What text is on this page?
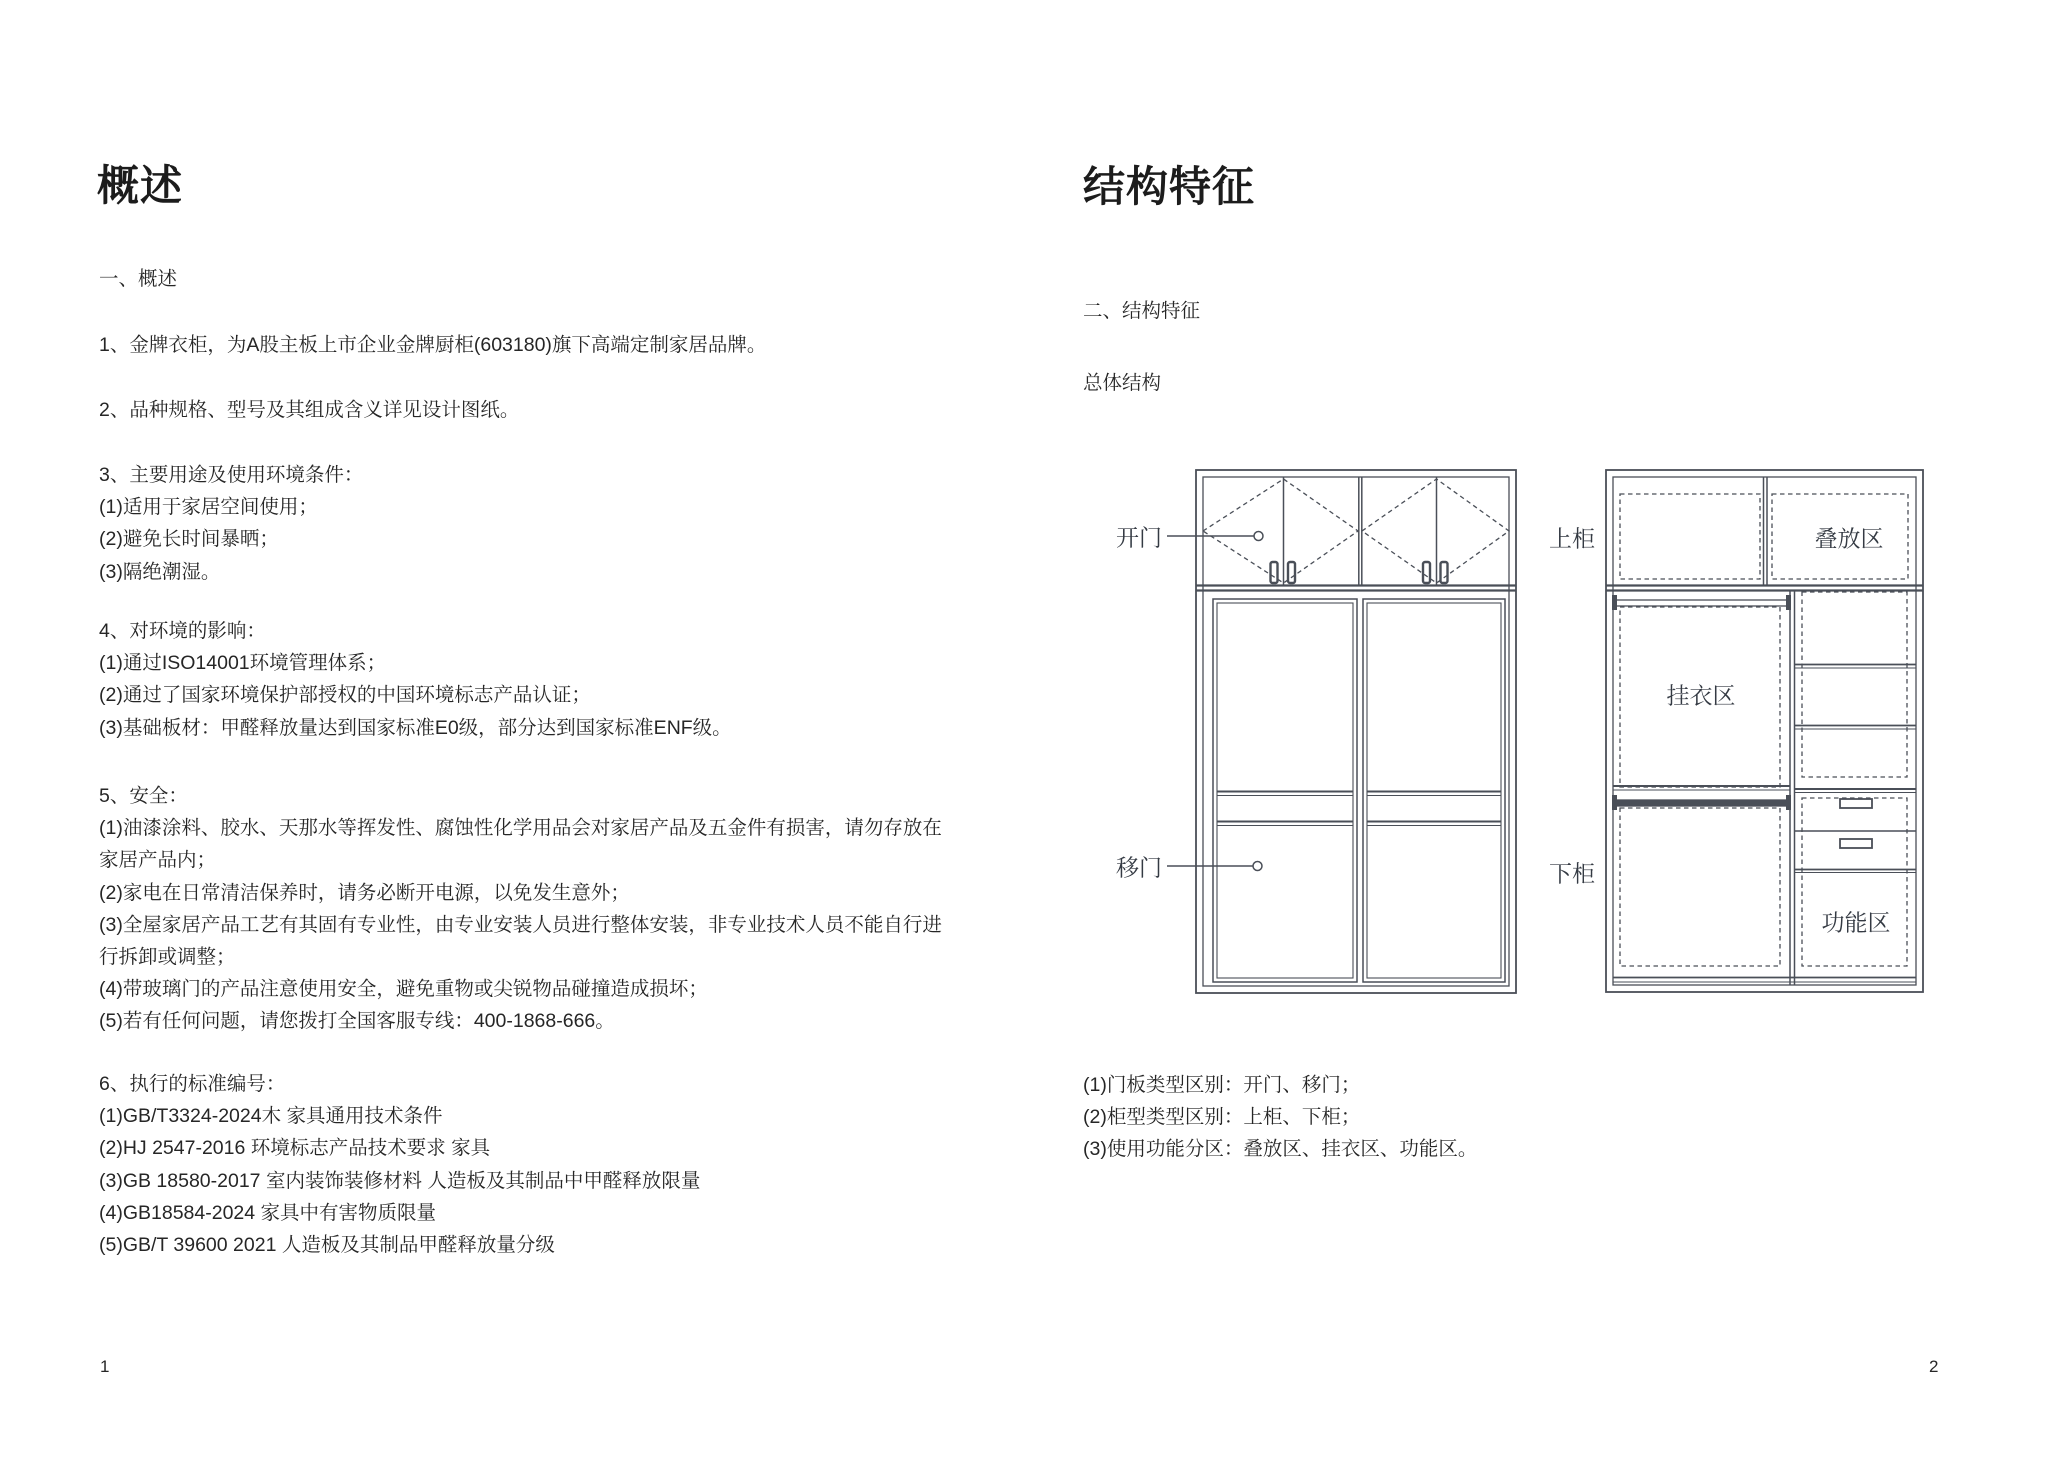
概述
一、概述
1、金牌衣柜，为A股主板上市企业金牌厨柜(603180)旗下高端定制家居品牌。
2、品种规格、型号及其组成含义详见设计图纸。
3、主要用途及使用环境条件：
(1)适用于家居空间使用；
(2)避免长时间暴晒；
(3)隔绝潮湿。
4、对环境的影响：
(1)通过ISO14001环境管理体系；
(2)通过了国家环境保护部授权的中国环境标志产品认证；
(3)基础板材：甲醛释放量达到国家标准E0级，部分达到国家标准ENF级。
5、安全：
(1)油漆涂料、胶水、天那水等挥发性、腐蚀性化学用品会对家居产品及五金件有损害，请勿存放在
家居产品内；
(2)家电在日常清洁保养时，请务必断开电源，以免发生意外；
(3)全屋家居产品工艺有其固有专业性，由专业安装人员进行整体安装，非专业技术人员不能自行进
行拆卸或调整；
(4)带玻璃门的产品注意使用安全，避免重物或尖锐物品碰撞造成损坏；
(5)若有任何问题，请您拨打全国客服专线：400-1868-666。
6、执行的标准编号：
(1)GB/T3324-2024木 家具通用技术条件
(2)HJ 2547-2016 环境标志产品技术要求 家具
(3)GB 18580-2017 室内装饰装修材料 人造板及其制品中甲醛释放限量
(4)GB18584-2024 家具中有害物质限量
(5)GB/T 39600 2021 人造板及其制品甲醛释放量分级
1
结构特征
二、结构特征
总体结构
(1)门板类型区别：开门、移门；
(2)柜型类型区别：上柜、下柜；
(3)使用功能分区：叠放区、挂衣区、功能区。
2
开门
移门
上柜
下柜
叠放区
挂衣区
功能区
